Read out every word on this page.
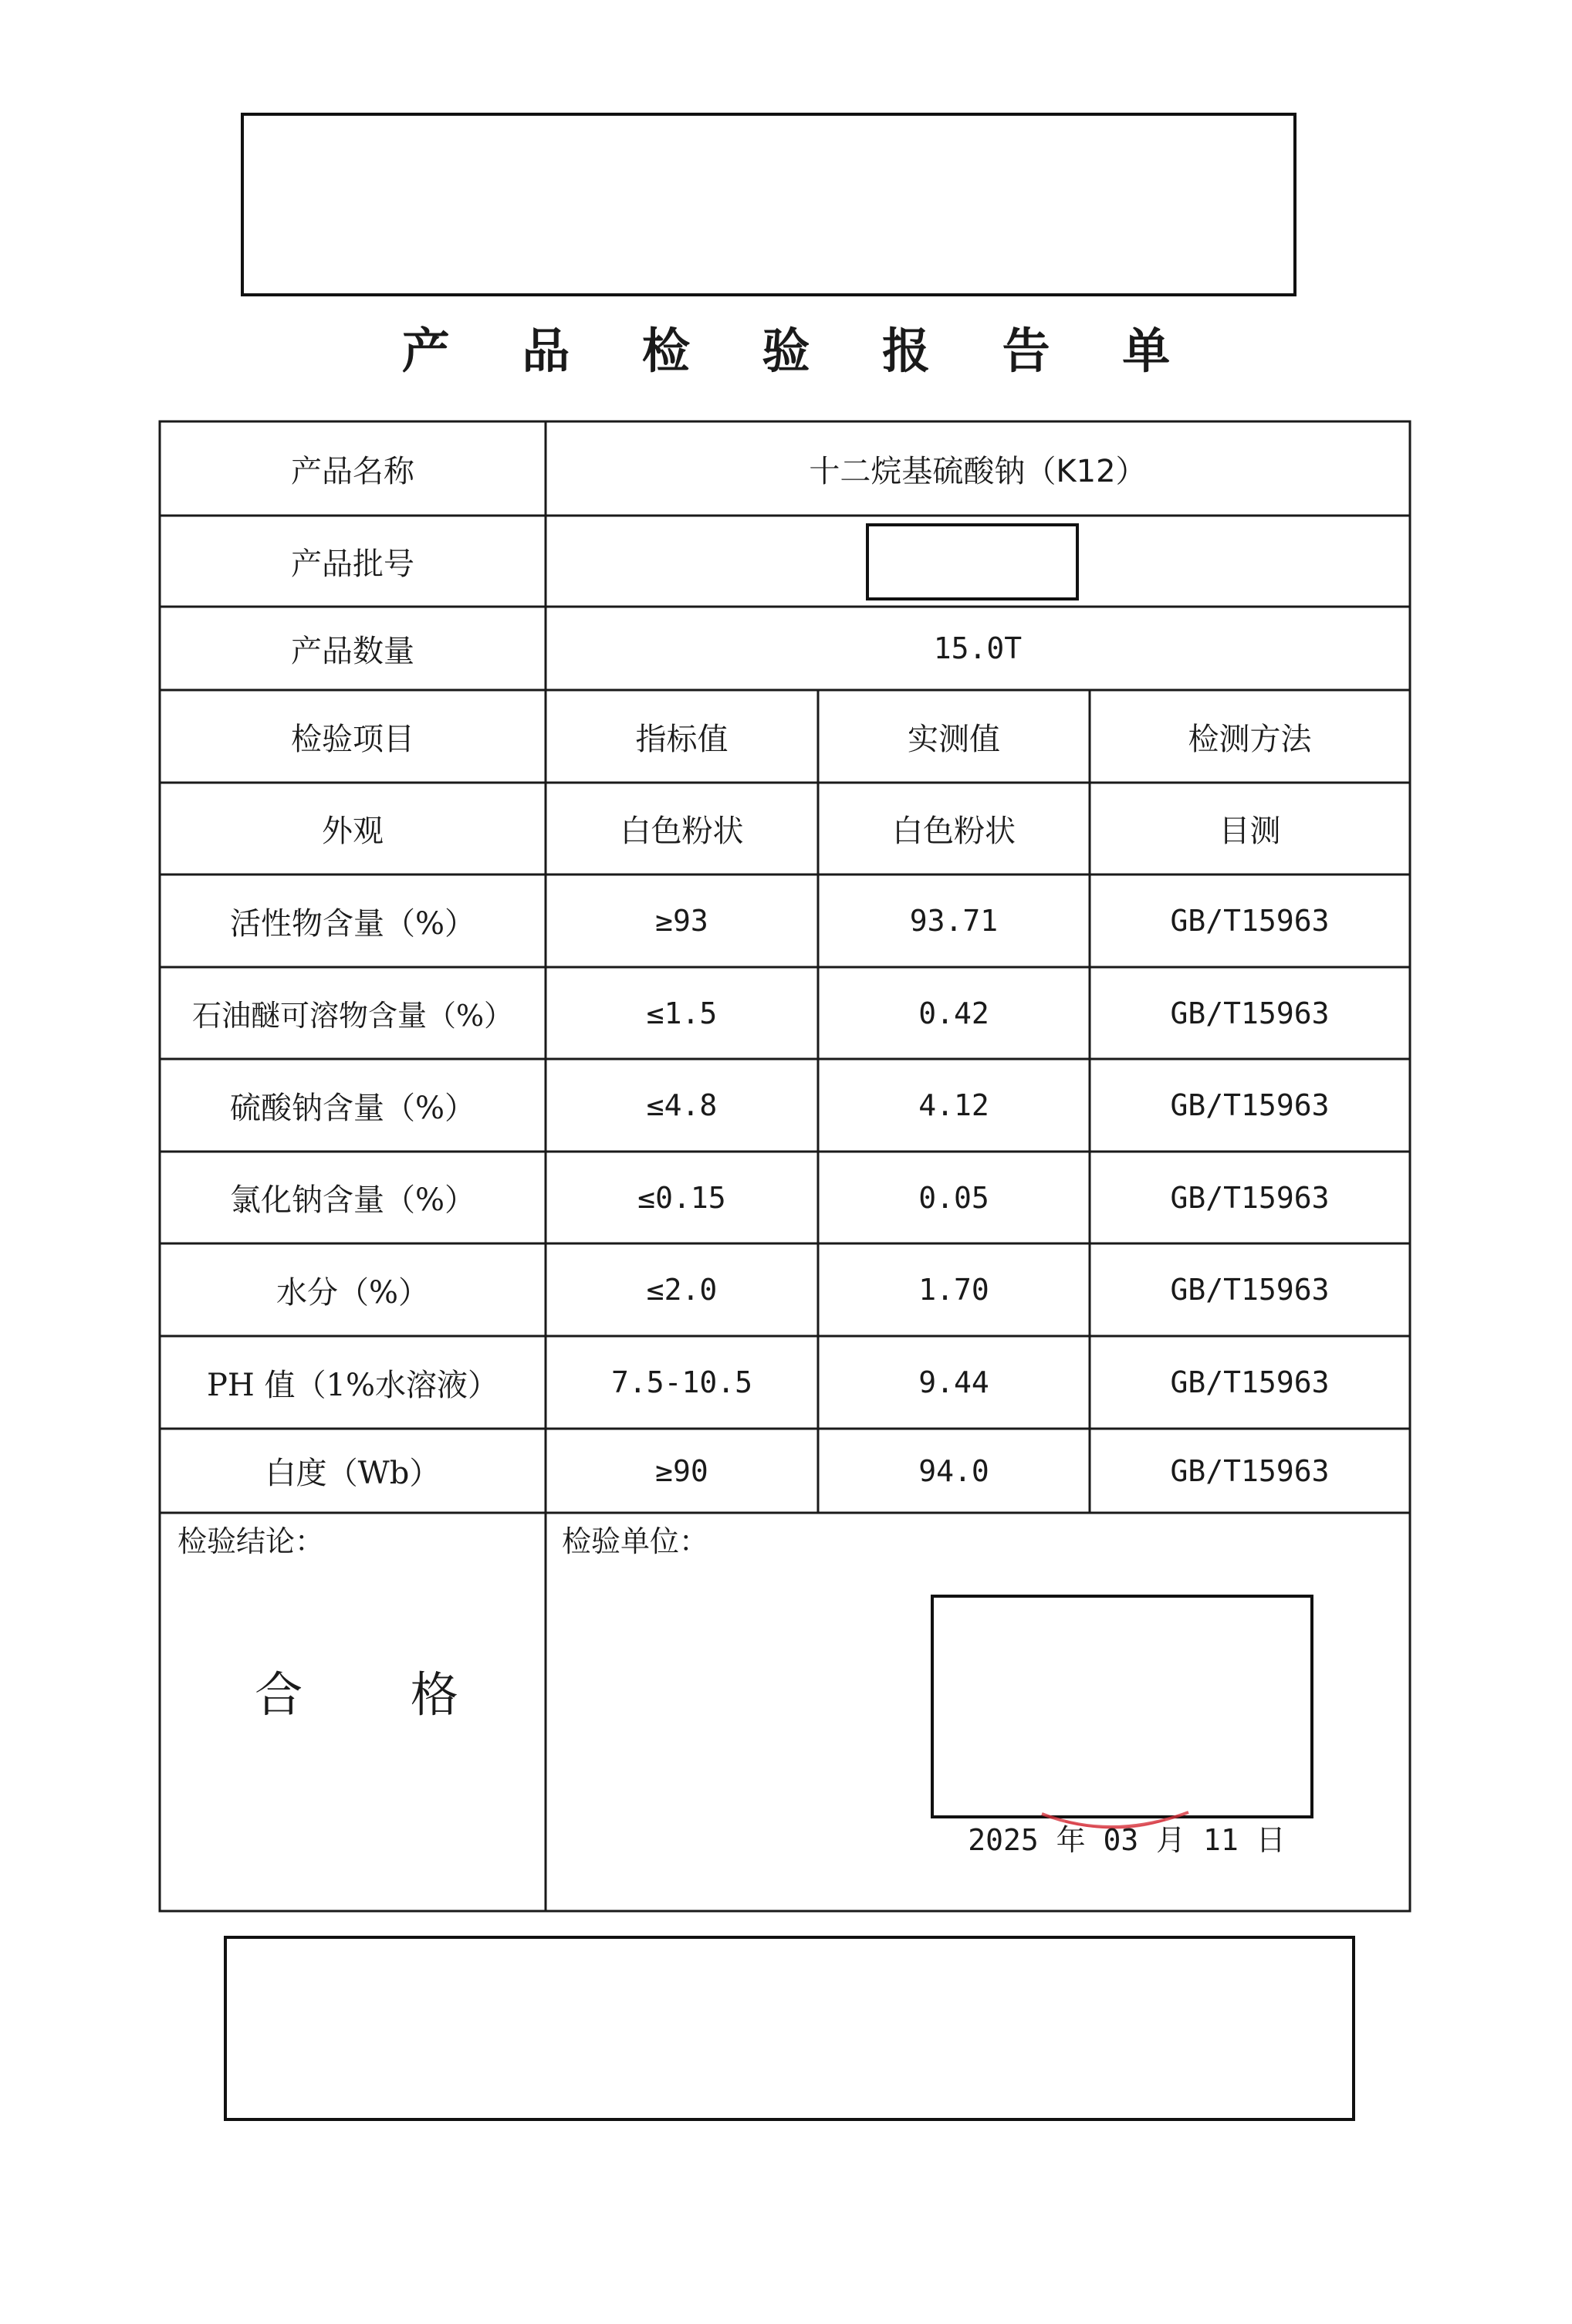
产 品 检 验 报 告 单
产品名称	十二烷基硫酸钠（K12）
产品批号
产品数量	15.0T
检验项目	指标值	实测值	检测方法
外观	白色粉状	白色粉状	目测
活性物含量（%）	≥93	93.71	GB/T15963
石油醚可溶物含量（%）	≤1.5	0.42	GB/T15963
硫酸钠含量（%）	≤4.8	4.12	GB/T15963
氯化钠含量（%）	≤0.15	0.05	GB/T15963
水分（%）	≤2.0	1.70	GB/T15963
PH 值（1%水溶液）	7.5-10.5	9.44	GB/T15963
白度（Wb）	≥90	94.0	GB/T15963
检验结论：
合 格
检验单位：
2025 年 03 月 11 日
